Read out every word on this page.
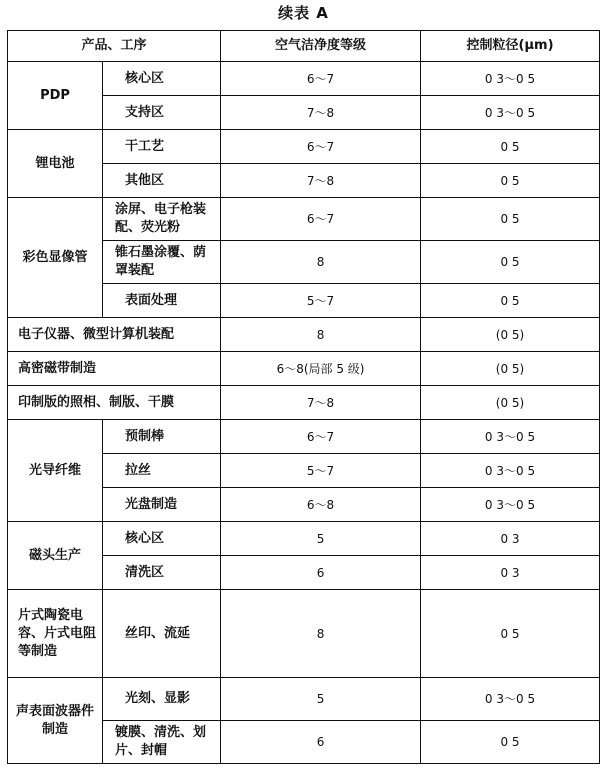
续表 A
产品、工序		空气洁净度等级	控制粒径(μm)
PDP	核心区	6～7	0 3～0 5
	支持区	7～8	0 3～0 5
锂电池	干工艺	6～7	0 5
	其他区	7～8	0 5
彩色显像管	涂屏、电子枪装配、荧光粉	6～7	0 5
	锥石墨涂覆、荫罩装配	8	0 5
	表面处理	5～7	0 5
电子仪器、微型计算机装配		8	(0 5)
高密磁带制造		6～8(局部 5 级)	(0 5)
印制版的照相、制版、干膜		7～8	(0 5)
光导纤维	预制棒	6～7	0 3～0 5
	拉丝	5～7	0 3～0 5
	光盘制造	6～8	0 3～0 5
磁头生产	核心区	5	0 3
	清洗区	6	0 3
片式陶瓷电容、片式电阻等制造	丝印、流延	8	0 5
声表面波器件制造	光刻、显影	5	0 3～0 5
	镀膜、清洗、划片、封帽	6	0 5
